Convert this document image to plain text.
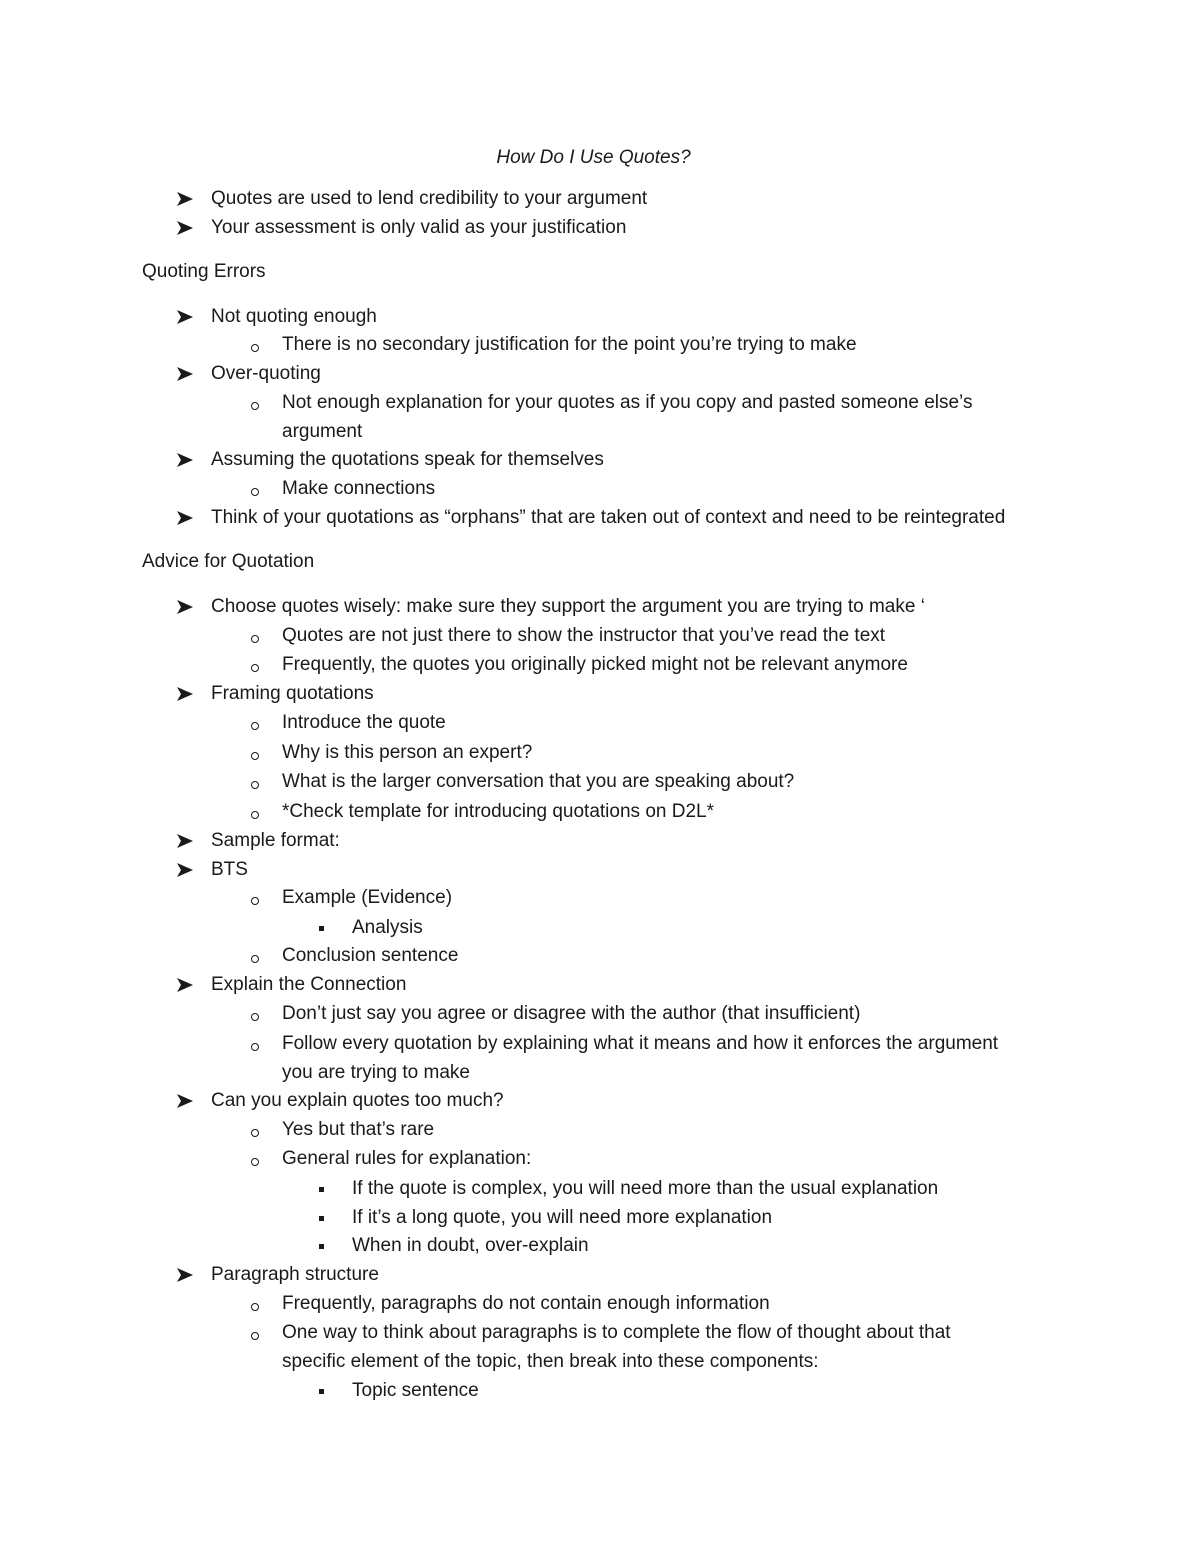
How Do I Use Quotes?
Quotes are used to lend credibility to your argument
Your assessment is only valid as your justification
Quoting Errors
Not quoting enough
There is no secondary justification for the point you’re trying to make
Over-quoting
Not enough explanation for your quotes as if you copy and pasted someone else’s
argument
Assuming the quotations speak for themselves
Make connections
Think of your quotations as “orphans” that are taken out of context and need to be reintegrated
Advice for Quotation
Choose quotes wisely: make sure they support the argument you are trying to make ‘
Quotes are not just there to show the instructor that you’ve read the text
Frequently, the quotes you originally picked might not be relevant anymore
Framing quotations
Introduce the quote
Why is this person an expert?
What is the larger conversation that you are speaking about?
*Check template for introducing quotations on D2L*
Sample format:
BTS
Example (Evidence)
Analysis
Conclusion sentence
Explain the Connection
Don’t just say you agree or disagree with the author (that insufficient)
Follow every quotation by explaining what it means and how it enforces the argument
you are trying to make
Can you explain quotes too much?
Yes but that’s rare
General rules for explanation:
If the quote is complex, you will need more than the usual explanation
If it’s a long quote, you will need more explanation
When in doubt, over-explain
Paragraph structure
Frequently, paragraphs do not contain enough information
One way to think about paragraphs is to complete the flow of thought about that
specific element of the topic, then break into these components:
Topic sentence
